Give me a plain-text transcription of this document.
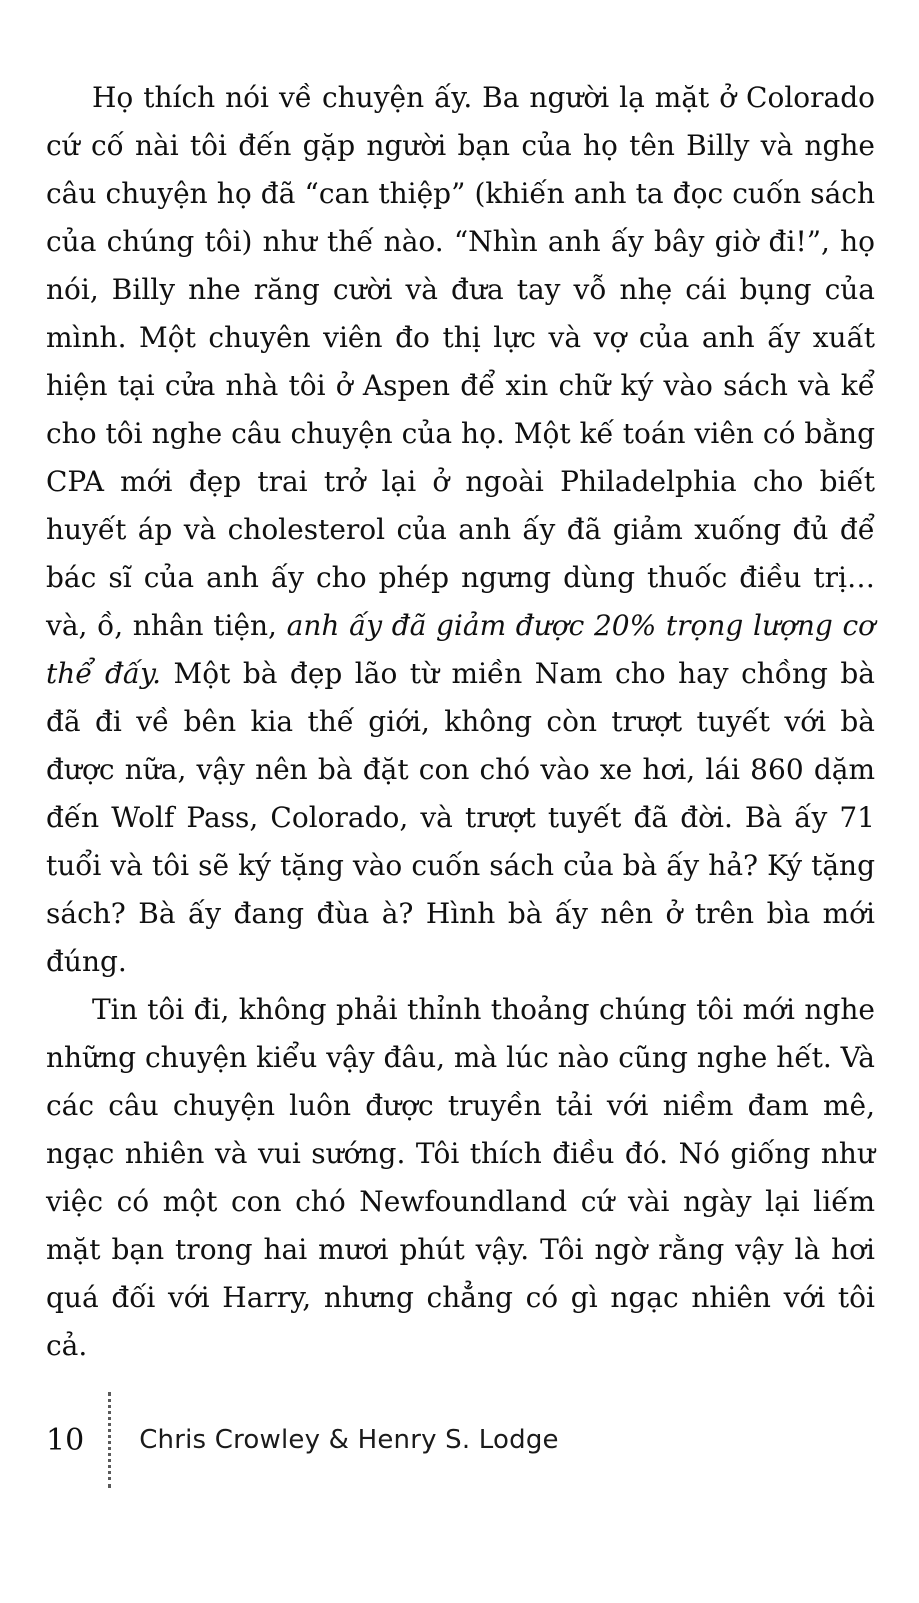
Họ thích nói về chuyện ấy. Ba người lạ mặt ở Colorado cứ cố nài tôi đến gặp người bạn của họ tên Billy và nghe câu chuyện họ đã “can thiệp” (khiến anh ta đọc cuốn sách của chúng tôi) như thế nào. “Nhìn anh ấy bây giờ đi!”, họ nói, Billy nhe răng cười và đưa tay vỗ nhẹ cái bụng của mình. Một chuyên viên đo thị lực và vợ của anh ấy xuất hiện tại cửa nhà tôi ở Aspen để xin chữ ký vào sách và kể cho tôi nghe câu chuyện của họ. Một kế toán viên có bằng CPA mới đẹp trai trở lại ở ngoài Philadelphia cho biết huyết áp và cholesterol của anh ấy đã giảm xuống đủ để bác sĩ của anh ấy cho phép ngưng dùng thuốc điều trị… và, ồ, nhân tiện, anh ấy đã giảm được 20% trọng lượng cơ thể đấy. Một bà đẹp lão từ miền Nam cho hay chồng bà đã đi về bên kia thế giới, không còn trượt tuyết với bà được nữa, vậy nên bà đặt con chó vào xe hơi, lái 860 dặm đến Wolf Pass, Colorado, và trượt tuyết đã đời. Bà ấy 71 tuổi và tôi sẽ ký tặng vào cuốn sách của bà ấy hả? Ký tặng sách? Bà ấy đang đùa à? Hình bà ấy nên ở trên bìa mới đúng.

Tin tôi đi, không phải thỉnh thoảng chúng tôi mới nghe những chuyện kiểu vậy đâu, mà lúc nào cũng nghe hết. Và các câu chuyện luôn được truyền tải với niềm đam mê, ngạc nhiên và vui sướng. Tôi thích điều đó. Nó giống như việc có một con chó Newfoundland cứ vài ngày lại liếm mặt bạn trong hai mươi phút vậy. Tôi ngờ rằng vậy là hơi quá đối với Harry, nhưng chẳng có gì ngạc nhiên với tôi cả.

10 Chris Crowley & Henry S. Lodge
